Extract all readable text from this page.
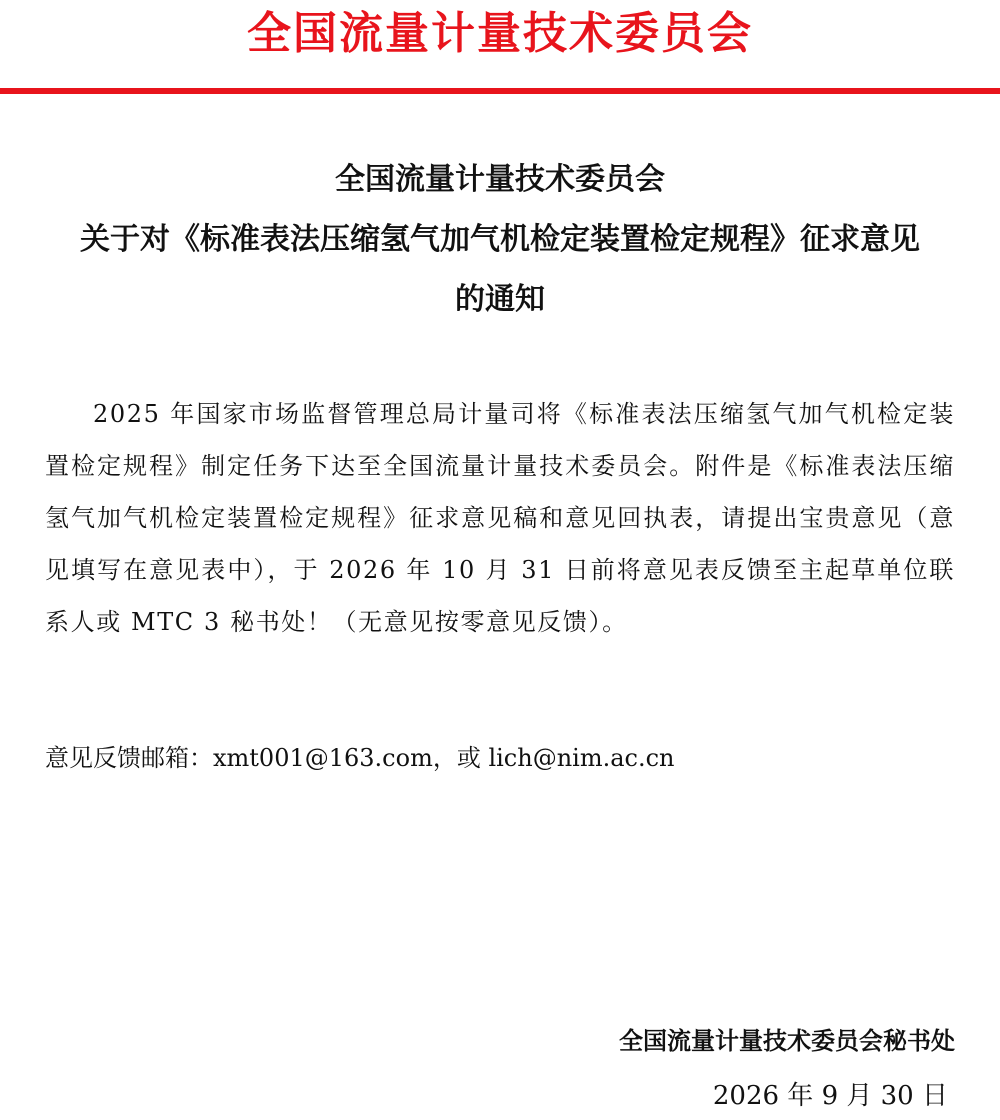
全国流量计量技术委员会
全国流量计量技术委员会
关于对《标准表法压缩氢气加气机检定装置检定规程》征求意见
的通知

2025 年国家市场监督管理总局计量司将《标准表法压缩氢气加气机检定装置检定规程》制定任务下达至全国流量计量技术委员会。附件是《标准表法压缩氢气加气机检定装置检定规程》征求意见稿和意见回执表，请提出宝贵意见（意见填写在意见表中），于 2026 年 10 月 31 日前将意见表反馈至主起草单位联系人或 MTC 3 秘书处！（无意见按零意见反馈）。

意见反馈邮箱：xmt001@163.com，或 lich@nim.ac.cn

全国流量计量技术委员会秘书处
2026 年 9 月 30 日
